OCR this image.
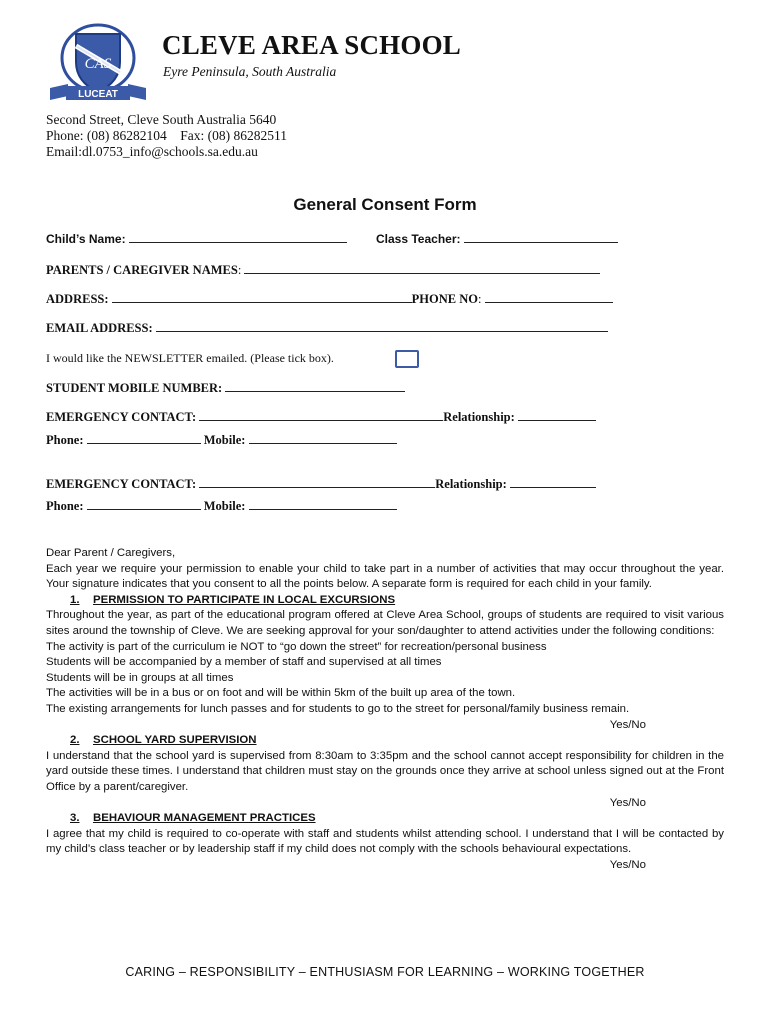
CAS
LUCEAT
CLEVE AREA SCHOOL
Eyre Peninsula, South Australia
Second Street, Cleve South Australia 5640
Phone: (08) 86282104    Fax: (08) 86282511
Email:dl.0753_info@schools.sa.edu.au
General Consent Form
Child’s Name:	Class Teacher:
PARENTS / CAREGIVER NAMES:
ADDRESS:	PHONE NO:
EMAIL ADDRESS:
I would like the NEWSLETTER emailed. (Please tick box).
STUDENT MOBILE NUMBER:
EMERGENCY CONTACT:	Relationship:
Phone:	Mobile:
EMERGENCY CONTACT:	Relationship:
Phone:	Mobile:

Dear Parent / Caregivers,

Each year we require your permission to enable your child to take part in a number of activities that may occur throughout the year. Your signature indicates that you consent to all the points below. A separate form is required for each child in your family.

1. PERMISSION TO PARTICIPATE IN LOCAL EXCURSIONS

Throughout the year, as part of the educational program offered at Cleve Area School, groups of students are required to visit various sites around the township of Cleve. We are seeking approval for your son/daughter to attend activities under the following conditions:

The activity is part of the curriculum ie NOT to “go down the street” for recreation/personal business

Students will be accompanied by a member of staff and supervised at all times

Students will be in groups at all times

The activities will be in a bus or on foot and will be within 5km of the built up area of the town.

The existing arrangements for lunch passes and for students to go to the street for personal/family business remain.

Yes/No

2. SCHOOL YARD SUPERVISION

I understand that the school yard is supervised from 8:30am to 3:35pm and the school cannot accept responsibility for children in the yard outside these times. I understand that children must stay on the grounds once they arrive at school unless signed out at the Front Office by a parent/caregiver.

Yes/No

3. BEHAVIOUR MANAGEMENT PRACTICES

I agree that my child is required to co-operate with staff and students whilst attending school. I understand that I will be contacted by my child’s class teacher or by leadership staff if my child does not comply with the schools behavioural expectations.

Yes/No

CARING – RESPONSIBILITY – ENTHUSIASM FOR LEARNING – WORKING TOGETHER
